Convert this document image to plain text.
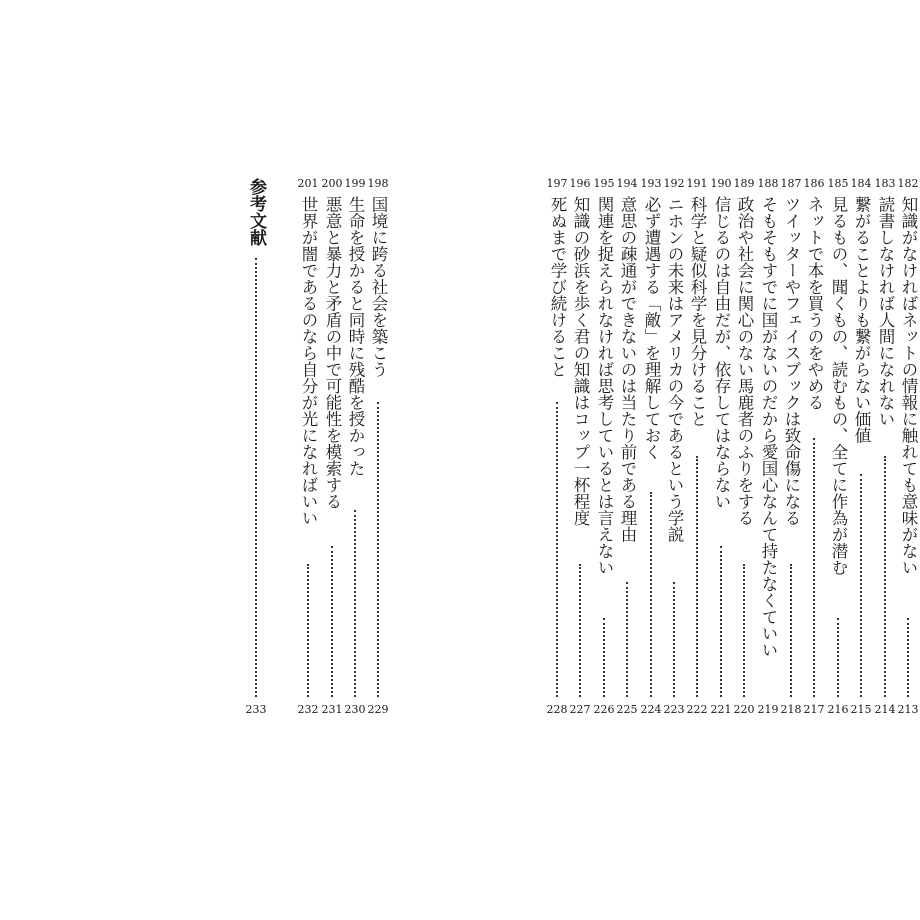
182
知識がなければネットの情報に触れても意味がない
213
183
読書しなければ人間になれない
214
184
繋がることよりも繋がらない価値
215
185
見るもの、聞くもの、読むもの、全てに作為が潜む
216
186
ネットで本を買うのをやめる
217
187
ツイッターやフェイスブックは致命傷になる
218
188
そもそもすでに国がないのだから愛国心なんて持たなくていい
219
189
政治や社会に関心のない馬鹿者のふりをする
220
190
信じるのは自由だが、依存してはならない
221
191
科学と疑似科学を見分けること
222
192
ニホンの未来はアメリカの今であるという学説
223
193
必ず遭遇する「敵」を理解しておく
224
194
意思の疎通ができないのは当たり前である理由
225
195
関連を捉えられなければ思考しているとは言えない
226
196
知識の砂浜を歩く君の知識はコップ一杯程度
227
197
死ぬまで学び続けること
228
198
国境に跨る社会を築こう
229
199
生命を授かると同時に残酷を授かった
230
200
悪意と暴力と矛盾の中で可能性を模索する
231
201
世界が闇であるのなら自分が光になればいい
232
参考文献
233
